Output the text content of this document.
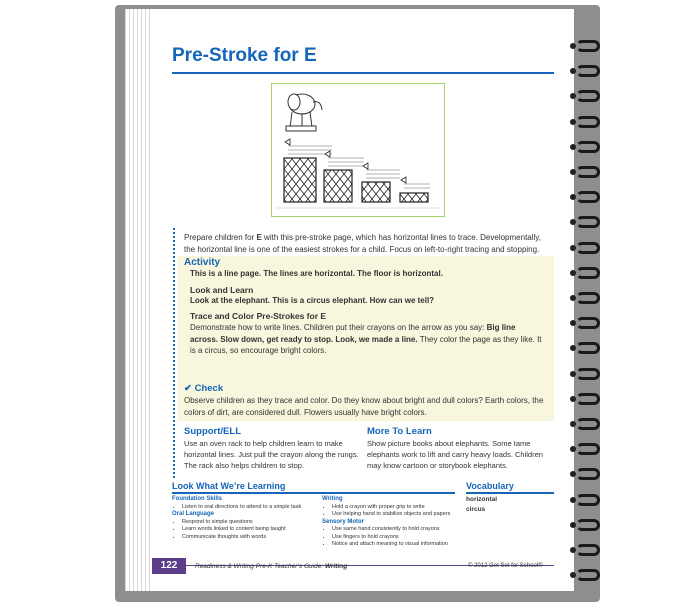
Pre-Stroke for E

Prepare children for E with this pre-stroke page, which has horizontal lines to trace. Developmentally, the horizontal line is one of the easiest strokes for a child. Focus on left-to-right tracing and stopping.

Activity

This is a line page. The lines are horizontal. The floor is horizontal.

Look and Learn

Look at the elephant. This is a circus elephant. How can we tell?

Trace and Color Pre-Strokes for E

Demonstrate how to write lines. Children put their crayons on the arrow as you say: Big line across. Slow down, get ready to stop. Look, we made a line. They color the page as they like. It is a circus, so encourage bright colors.

✔ Check

Observe children as they trace and color. Do they know about bright and dull colors? Earth colors, the colors of dirt, are considered dull. Flowers usually have bright colors.

Support/ELL

Use an oven rack to help children learn to make horizontal lines. Just pull the crayon along the rungs. The rack also helps children to stop.

More To Learn

Show picture books about elephants. Some tame elephants work to lift and carry heavy loads. Children may know cartoon or storybook elephants.

Look What We’re Learning	Vocabulary
Foundation Skills
• Listen to oral directions to attend to a simple task
Oral Language
• Respond to simple questions
• Learn words linked to content being taught
• Communicate thoughts with words
Writing
• Hold a crayon with proper grip to write
• Use helping hand to stabilize objects and papers
Sensory Motor
• Use same hand consistently to hold crayons
• Use fingers to hold crayons
• Notice and attach meaning to visual information
horizontal
circus
122	Readiness & Writing Pre-K Teacher’s Guide: Writing	© 2012 Get Set for School®
